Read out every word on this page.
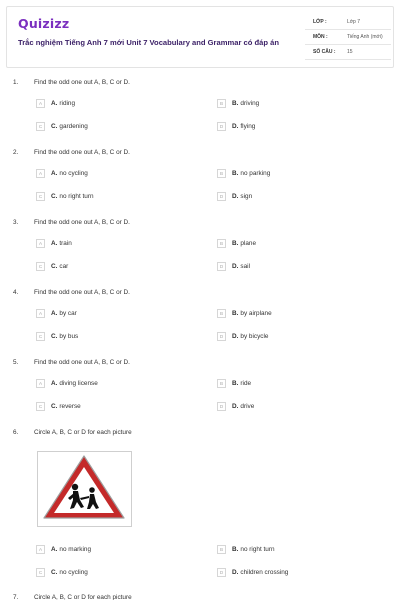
Quizizz
Trắc nghiệm Tiếng Anh 7 mới Unit 7 Vocabulary and Grammar có đáp án
LỚP :	Lớp 7
MÔN :	Tiếng Anh (mới)
SỐ CÂU : 15
1. Find the odd one out A, B, C or D.
A	A. riding	B	B. driving
C	C. gardening	D	D. flying
2. Find the odd one out A, B, C or D.
A	A. no cycling	B	B. no parking
C	C. no right turn	D	D. sign
3. Find the odd one out A, B, C or D.
A	A. train	B	B. plane
C	C. car	D	D. sail
4. Find the odd one out A, B, C or D.
A	A. by car	B	B. by airplane
C	C. by bus	D	D. by bicycle
5. Find the odd one out A, B, C or D.
A	A. diving license	B	B. ride
C	C. reverse	D	D. drive
6. Circle A, B, C or D for each picture
A	A. no marking	B	B. no right turn
C	C. no cycling	D	D. children crossing
7. Circle A, B, C or D for each picture
